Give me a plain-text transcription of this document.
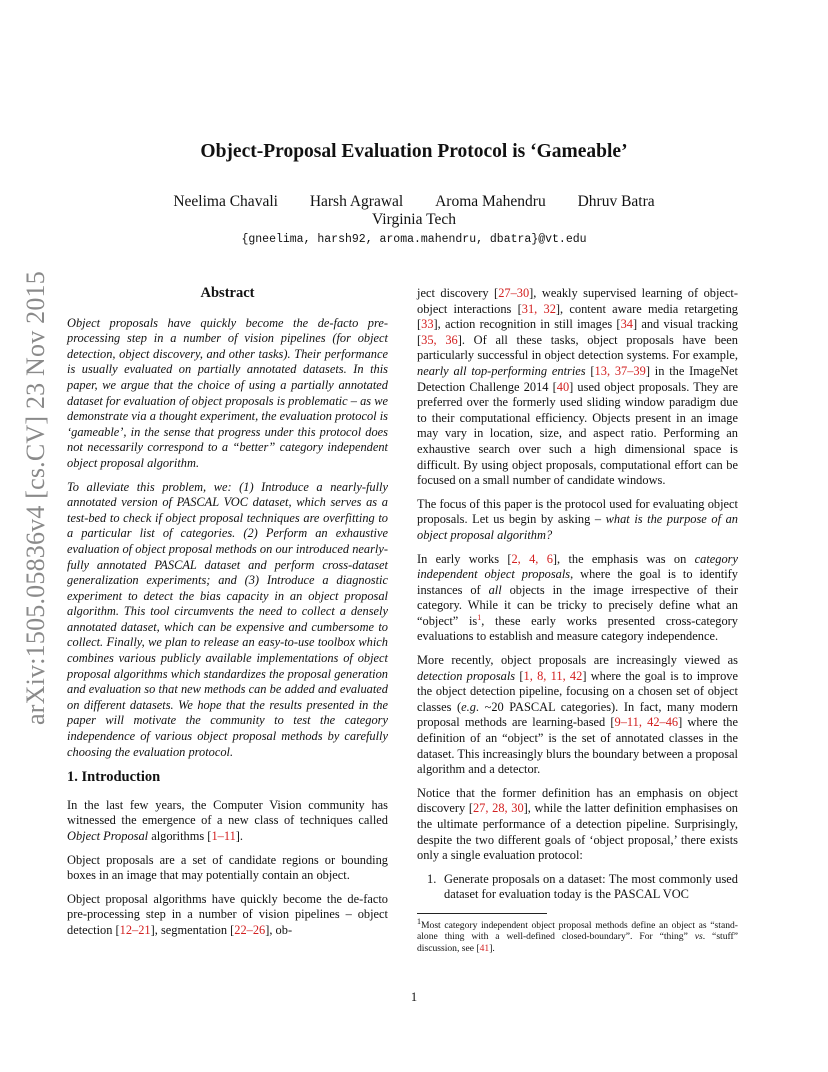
arXiv:1505.05836v4 [cs.CV] 23 Nov 2015
Object-Proposal Evaluation Protocol is ‘Gameable’
Neelima Chavali Harsh Agrawal Aroma Mahendru Dhruv Batra
Virginia Tech
{gneelima, harsh92, aroma.mahendru, dbatra}@vt.edu
Abstract

Object proposals have quickly become the de-facto pre-processing step in a number of vision pipelines (for object detection, object discovery, and other tasks). Their performance is usually evaluated on partially annotated datasets. In this paper, we argue that the choice of using a partially annotated dataset for evaluation of object proposals is problematic – as we demonstrate via a thought experiment, the evaluation protocol is ‘gameable’, in the sense that progress under this protocol does not necessarily correspond to a “better” category independent object proposal algorithm.

To alleviate this problem, we: (1) Introduce a nearly-fully annotated version of PASCAL VOC dataset, which serves as a test-bed to check if object proposal techniques are overfitting to a particular list of categories. (2) Perform an exhaustive evaluation of object proposal methods on our introduced nearly-fully annotated PASCAL dataset and perform cross-dataset generalization experiments; and (3) Introduce a diagnostic experiment to detect the bias capacity in an object proposal algorithm. This tool circumvents the need to collect a densely annotated dataset, which can be expensive and cumbersome to collect. Finally, we plan to release an easy-to-use toolbox which combines various publicly available implementations of object proposal algorithms which standardizes the proposal generation and evaluation so that new methods can be added and evaluated on different datasets. We hope that the results presented in the paper will motivate the community to test the category independence of various object proposal methods by carefully choosing the evaluation protocol.

1. Introduction

In the last few years, the Computer Vision community has witnessed the emergence of a new class of techniques called Object Proposal algorithms [1–11].

Object proposals are a set of candidate regions or bounding boxes in an image that may potentially contain an object.

Object proposal algorithms have quickly become the de-facto pre-processing step in a number of vision pipelines – object detection [12–21], segmentation [22–26], ob-

ject discovery [27–30], weakly supervised learning of object-object interactions [31, 32], content aware media retargeting [33], action recognition in still images [34] and visual tracking [35, 36]. Of all these tasks, object proposals have been particularly successful in object detection systems. For example, nearly all top-performing entries [13, 37–39] in the ImageNet Detection Challenge 2014 [40] used object proposals. They are preferred over the formerly used sliding window paradigm due to their computational efficiency. Objects present in an image may vary in location, size, and aspect ratio. Performing an exhaustive search over such a high dimensional space is difficult. By using object proposals, computational effort can be focused on a small number of candidate windows.

The focus of this paper is the protocol used for evaluating object proposals. Let us begin by asking – what is the purpose of an object proposal algorithm?

In early works [2, 4, 6], the emphasis was on category independent object proposals, where the goal is to identify instances of all objects in the image irrespective of their category. While it can be tricky to precisely define what an “object” is$^1$, these early works presented cross-category evaluations to establish and measure category independence.

More recently, object proposals are increasingly viewed as detection proposals [1, 8, 11, 42] where the goal is to improve the object detection pipeline, focusing on a chosen set of object classes (e.g. ~20 PASCAL categories). In fact, many modern proposal methods are learning-based [9–11, 42–46] where the definition of an “object” is the set of annotated classes in the dataset. This increasingly blurs the boundary between a proposal algorithm and a detector.

Notice that the former definition has an emphasis on object discovery [27, 28, 30], while the latter definition emphasises on the ultimate performance of a detection pipeline. Surprisingly, despite the two different goals of ‘object proposal,’ there exists only a single evaluation protocol:

1. Generate proposals on a dataset: The most commonly used dataset for evaluation today is the PASCAL VOC
$^1$Most category independent object proposal methods define an object as “stand-alone thing with a well-defined closed-boundary”. For “thing” vs. “stuff” discussion, see [41].
1
